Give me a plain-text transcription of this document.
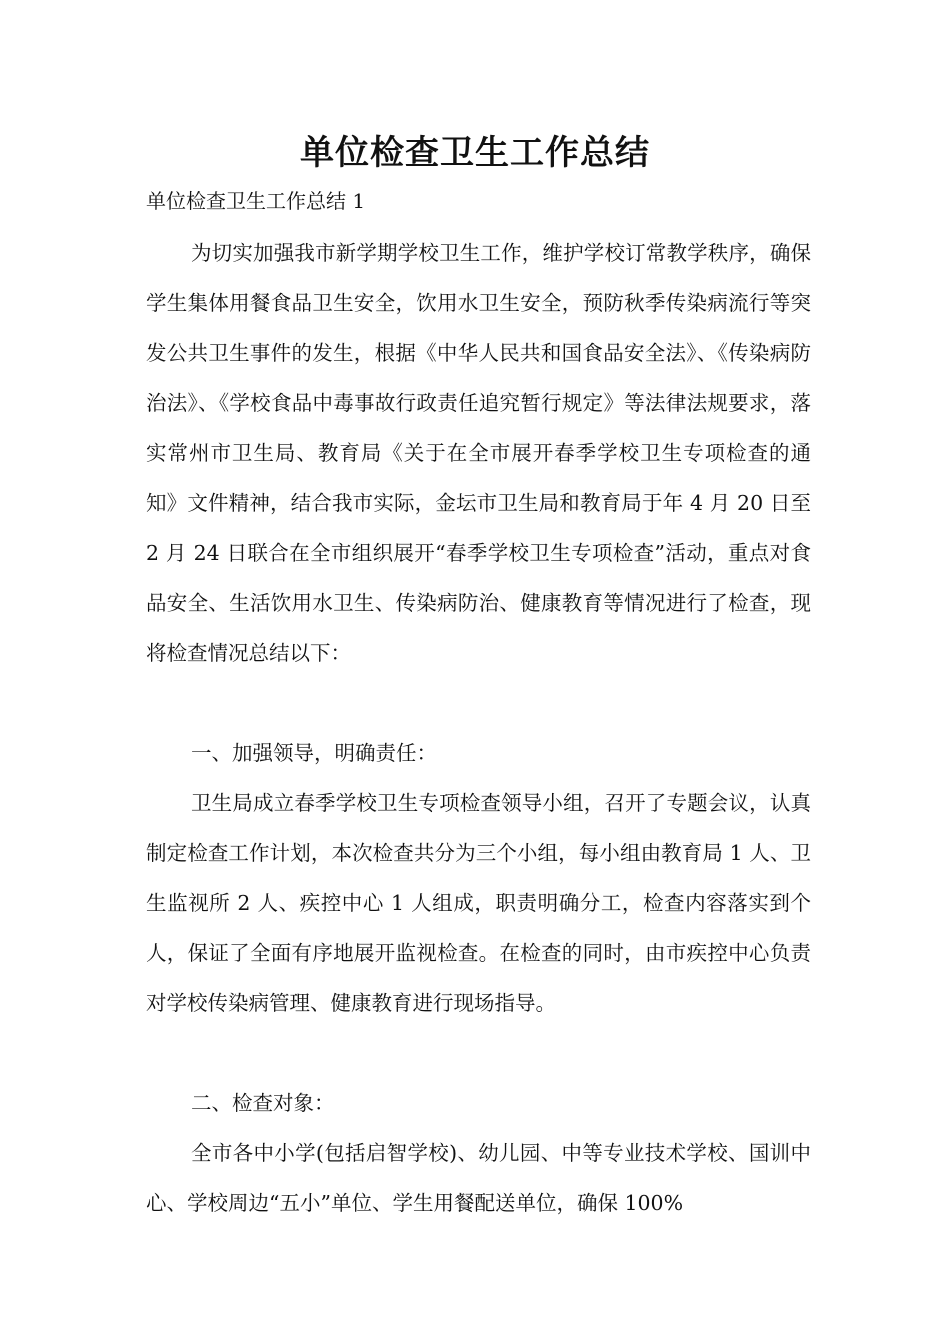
单位检查卫生工作总结

单位检查卫生工作总结 1

为切实加强我市新学期学校卫生工作，维护学校订常教学秩序，确保学生集体用餐食品卫生安全，饮用水卫生安全，预防秋季传染病流行等突发公共卫生事件的发生，根据《中华人民共和国食品安全法》、《传染病防治法》、《学校食品中毒事故行政责任追究暂行规定》等法律法规要求，落实常州市卫生局、教育局《关于在全市展开春季学校卫生专项检查的通知》文件精神，结合我市实际，金坛市卫生局和教育局于年 4 月 20 日至 2 月 24 日联合在全市组织展开“春季学校卫生专项检查”活动，重点对食品安全、生活饮用水卫生、传染病防治、健康教育等情况进行了检查，现将检查情况总结以下：

一、加强领导，明确责任：

卫生局成立春季学校卫生专项检查领导小组，召开了专题会议，认真制定检查工作计划，本次检查共分为三个小组，每小组由教育局 1 人、卫生监视所 2 人、疾控中心 1 人组成，职责明确分工，检查内容落实到个人，保证了全面有序地展开监视检查。在检查的同时，由市疾控中心负责对学校传染病管理、健康教育进行现场指导。

二、检查对象：

全市各中小学(包括启智学校)、幼儿园、中等专业技术学校、国训中心、学校周边“五小”单位、学生用餐配送单位，确保 100%
